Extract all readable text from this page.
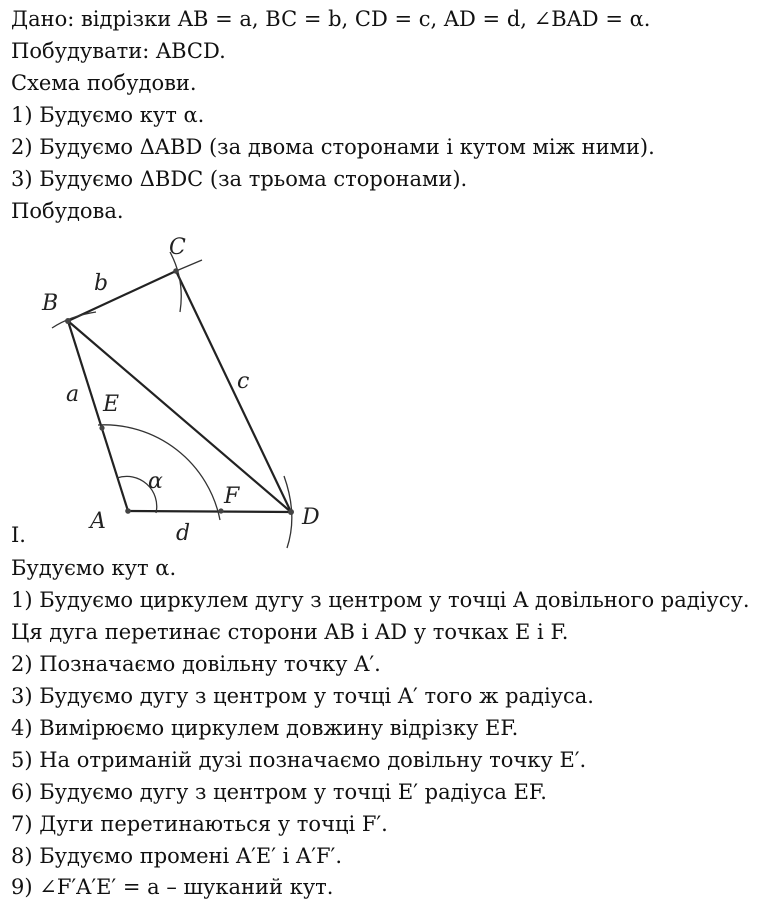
Дано: відрізки AB = a, BC = b, CD = c, AD = d, ∠BAD = α.
Побудувати: ABCD.
Схема побудови.
1) Будуємо кут α.
2) Будуємо ΔABD (за двома сторонами і кутом між ними).
3) Будуємо ΔBDC (за трьома сторонами).
Побудова.
B
C
D
A
E
F
b
a
c
d
α
I.
Будуємо кут α.
1) Будуємо циркулем дугу з центром у точці A довільного радіусу.
Ця дуга перетинає сторони AB і AD у точках E і F.
2) Позначаємо довільну точку A′.
3) Будуємо дугу з центром у точці A′ того ж радіуса.
4) Вимірюємо циркулем довжину відрізку EF.
5) На отриманій дузі позначаємо довільну точку E′.
6) Будуємо дугу з центром у точці E′ радіуса EF.
7) Дуги перетинаються у точці F′.
8) Будуємо промені A′E′ і A′F′.
9) ∠F′A′E′ = a – шуканий кут.
